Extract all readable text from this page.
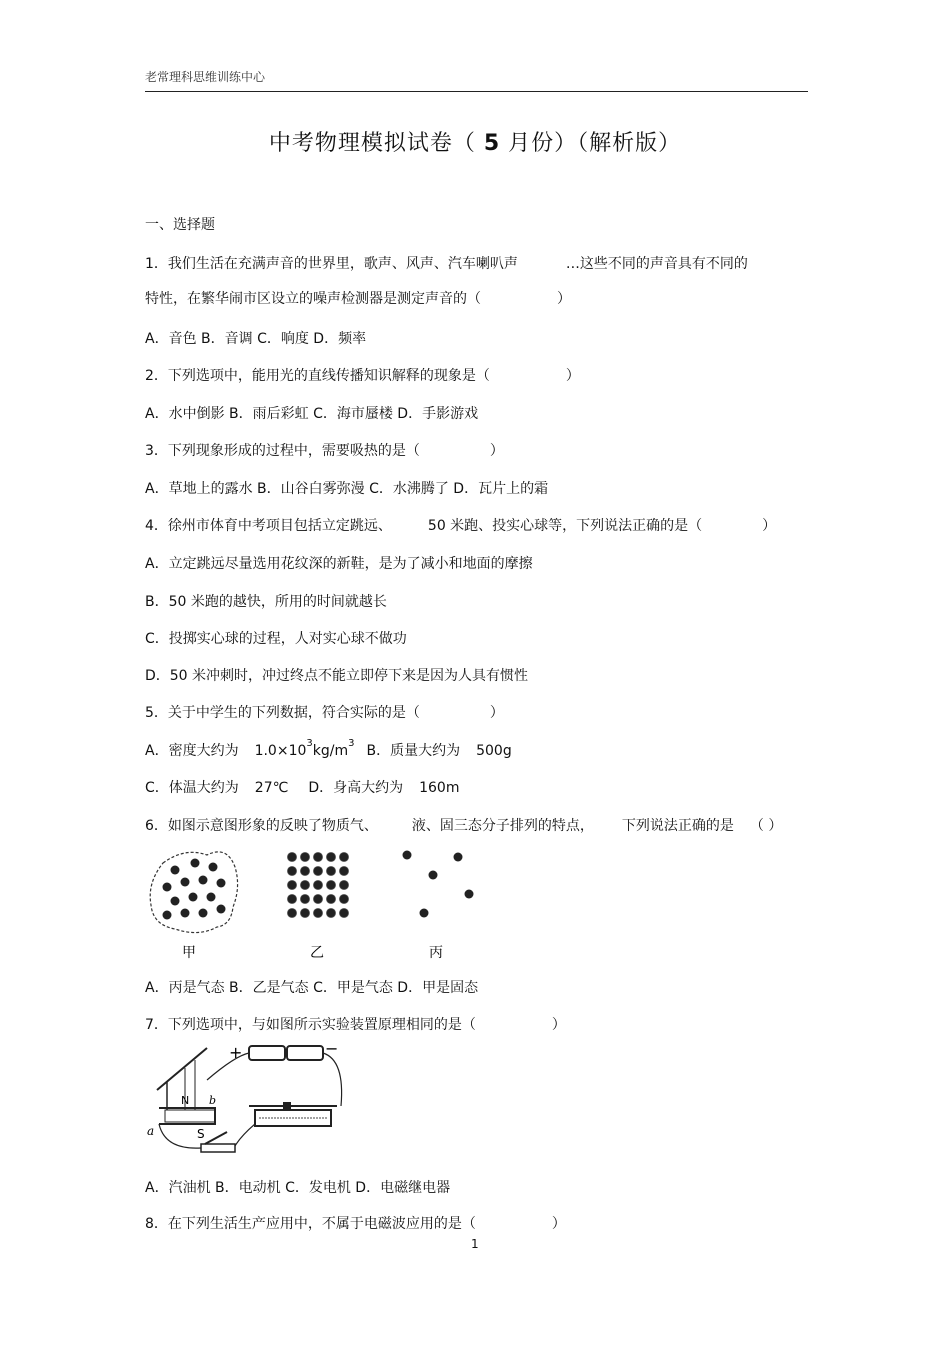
老常理科思维训练中心
中考物理模拟试卷（ 5 月份）（解析版）
一、选择题
1．我们生活在充满声音的世界里，歌声、风声、汽车喇叭声	…这些不同的声音具有不同的
特性，在繁华闹市区设立的噪声检测器是测定声音的（	）
A．音色 B．音调 C．响度 D．频率
2．下列选项中，能用光的直线传播知识解释的现象是（	）
A．水中倒影 B．雨后彩虹 C．海市蜃楼 D．手影游戏
3．下列现象形成的过程中，需要吸热的是（	）
A．草地上的露水 B．山谷白雾弥漫 C．水沸腾了 D．瓦片上的霜
4．徐州市体育中考项目包括立定跳远、	50 米跑、投实心球等，下列说法正确的是（	）
A．立定跳远尽量选用花纹深的新鞋，是为了减小和地面的摩擦
B．50 米跑的越快，所用的时间就越长
C．投掷实心球的过程，人对实心球不做功
D．50 米冲刺时，冲过终点不能立即停下来是因为人具有惯性
5．关于中学生的下列数据，符合实际的是（	）
A．密度大约为 $1.0\times 10^3kg/m^3$ B．质量大约为 500g
C．体温大约为 27℃ D．身高大约为 160m
6．如图示意图形象的反映了物质气、 液、固三态分子排列的特点， 下列说法正确的是 （ ）
甲	乙	丙
A．丙是气态 B．乙是气态 C．甲是气态 D．甲是固态
7．下列选项中，与如图所示实验装置原理相同的是（	）
N b
+	−
S
a
A．汽油机 B．电动机 C．发电机 D．电磁继电器
8．在下列生活生产应用中，不属于电磁波应用的是（	）
1
